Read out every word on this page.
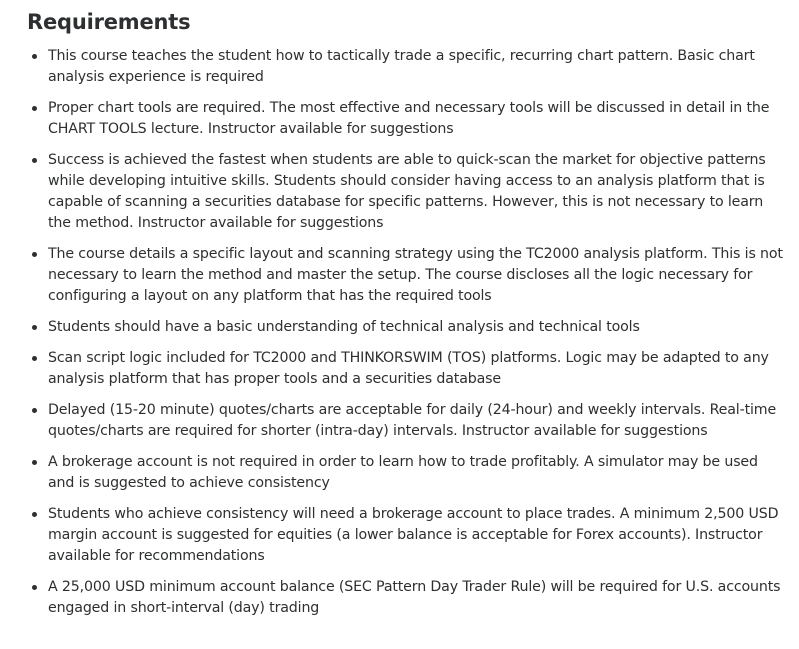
Requirements
This course teaches the student how to tactically trade a specific, recurring chart pattern. Basic chart analysis experience is required
Proper chart tools are required. The most effective and necessary tools will be discussed in detail in the CHART TOOLS lecture. Instructor available for suggestions
Success is achieved the fastest when students are able to quick-scan the market for objective patterns while developing intuitive skills. Students should consider having access to an analysis platform that is capable of scanning a securities database for specific patterns. However, this is not necessary to learn the method. Instructor available for suggestions
The course details a specific layout and scanning strategy using the TC2000 analysis platform. This is not necessary to learn the method and master the setup. The course discloses all the logic necessary for configuring a layout on any platform that has the required tools
Students should have a basic understanding of technical analysis and technical tools
Scan script logic included for TC2000 and THINKORSWIM (TOS) platforms. Logic may be adapted to any analysis platform that has proper tools and a securities database
Delayed (15-20 minute) quotes/charts are acceptable for daily (24-hour) and weekly intervals. Real-time quotes/charts are required for shorter (intra-day) intervals. Instructor available for suggestions
A brokerage account is not required in order to learn how to trade profitably. A simulator may be used and is suggested to achieve consistency
Students who achieve consistency will need a brokerage account to place trades. A minimum 2,500 USD margin account is suggested for equities (a lower balance is acceptable for Forex accounts). Instructor available for recommendations
A 25,000 USD minimum account balance (SEC Pattern Day Trader Rule) will be required for U.S. accounts engaged in short-interval (day) trading
